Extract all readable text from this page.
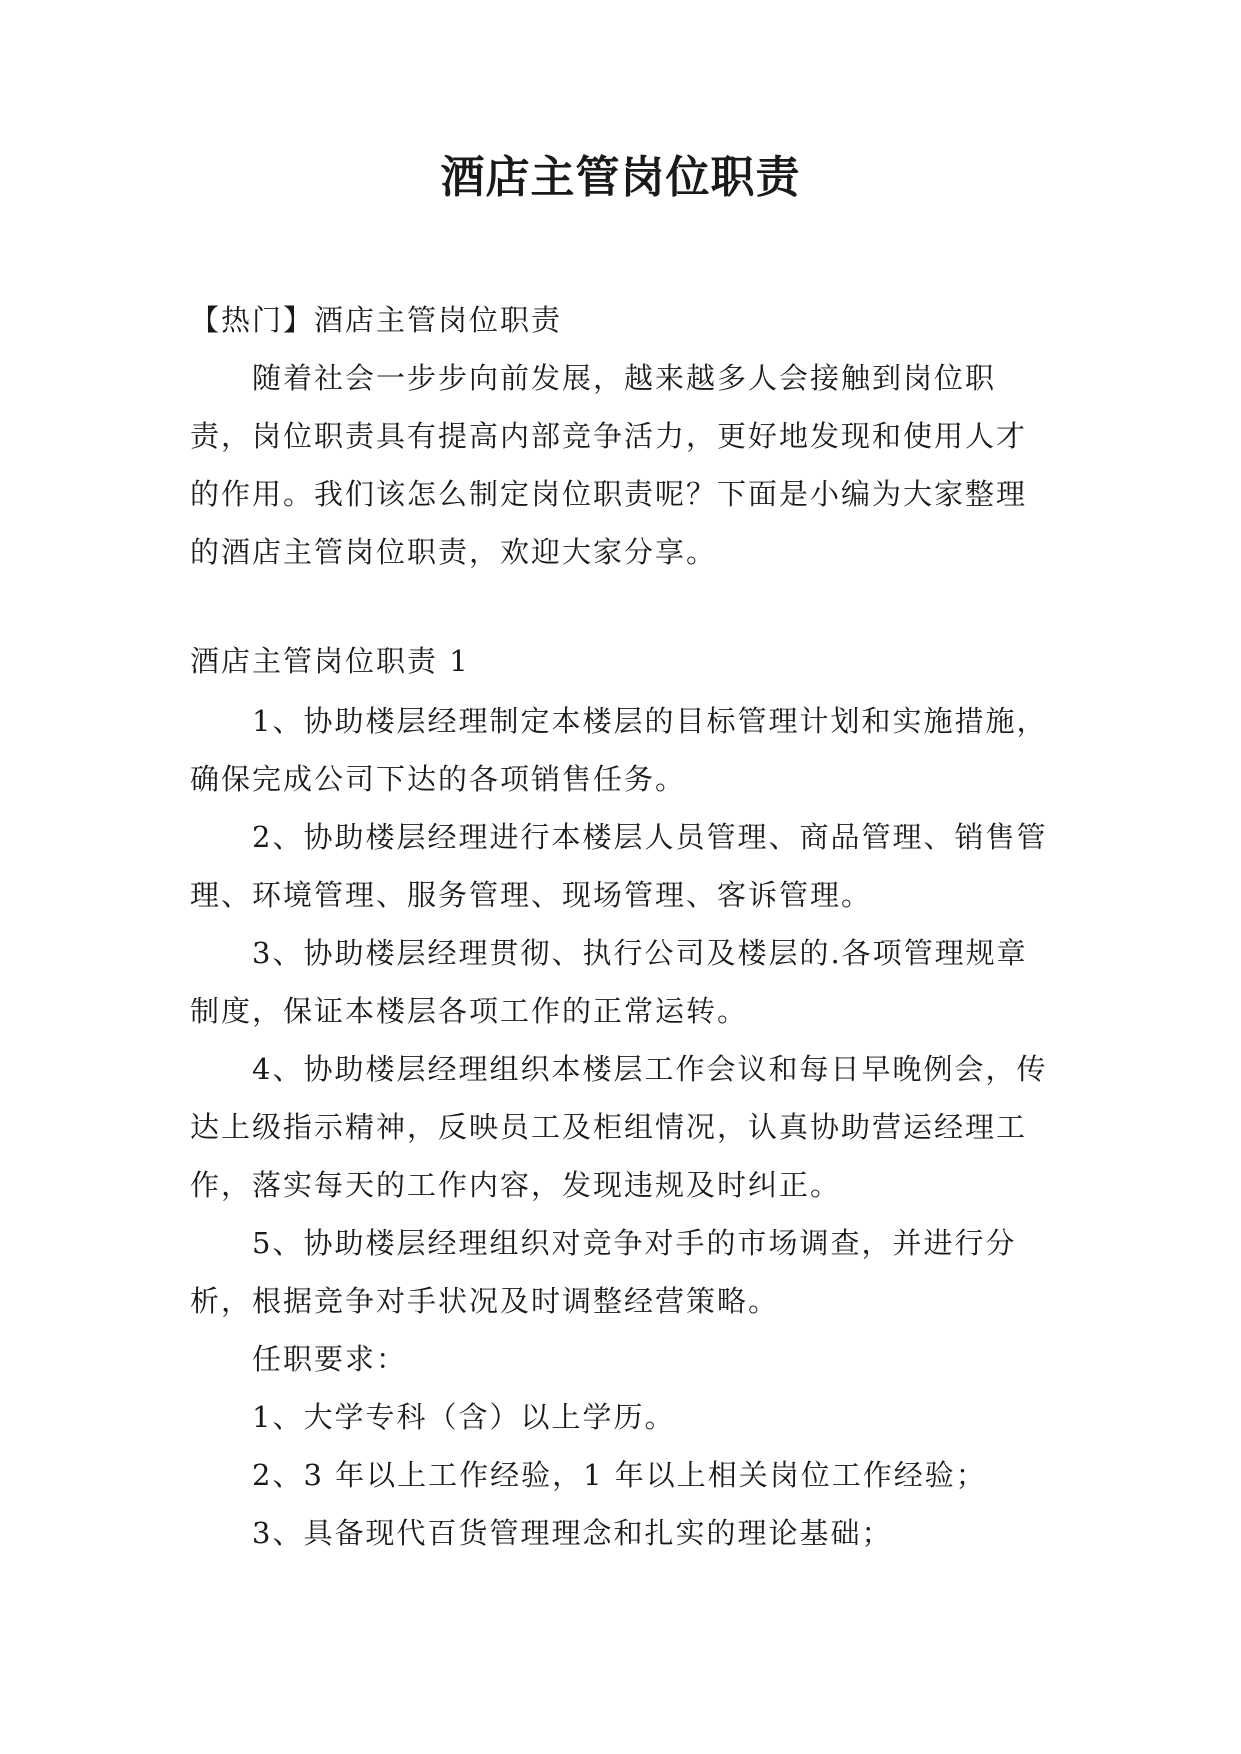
酒店主管岗位职责

【热门】酒店主管岗位职责

随着社会一步步向前发展，越来越多人会接触到岗位职责，岗位职责具有提高内部竞争活力，更好地发现和使用人才的作用。我们该怎么制定岗位职责呢？下面是小编为大家整理的酒店主管岗位职责，欢迎大家分享。

酒店主管岗位职责 1

1、协助楼层经理制定本楼层的目标管理计划和实施措施，确保完成公司下达的各项销售任务。

2、协助楼层经理进行本楼层人员管理、商品管理、销售管理、环境管理、服务管理、现场管理、客诉管理。

3、协助楼层经理贯彻、执行公司及楼层的.各项管理规章制度，保证本楼层各项工作的正常运转。

4、协助楼层经理组织本楼层工作会议和每日早晚例会，传达上级指示精神，反映员工及柜组情况，认真协助营运经理工作，落实每天的工作内容，发现违规及时纠正。

5、协助楼层经理组织对竞争对手的市场调查，并进行分析，根据竞争对手状况及时调整经营策略。

任职要求：

1、大学专科（含）以上学历。

2、3 年以上工作经验，1 年以上相关岗位工作经验；

3、具备现代百货管理理念和扎实的理论基础；
